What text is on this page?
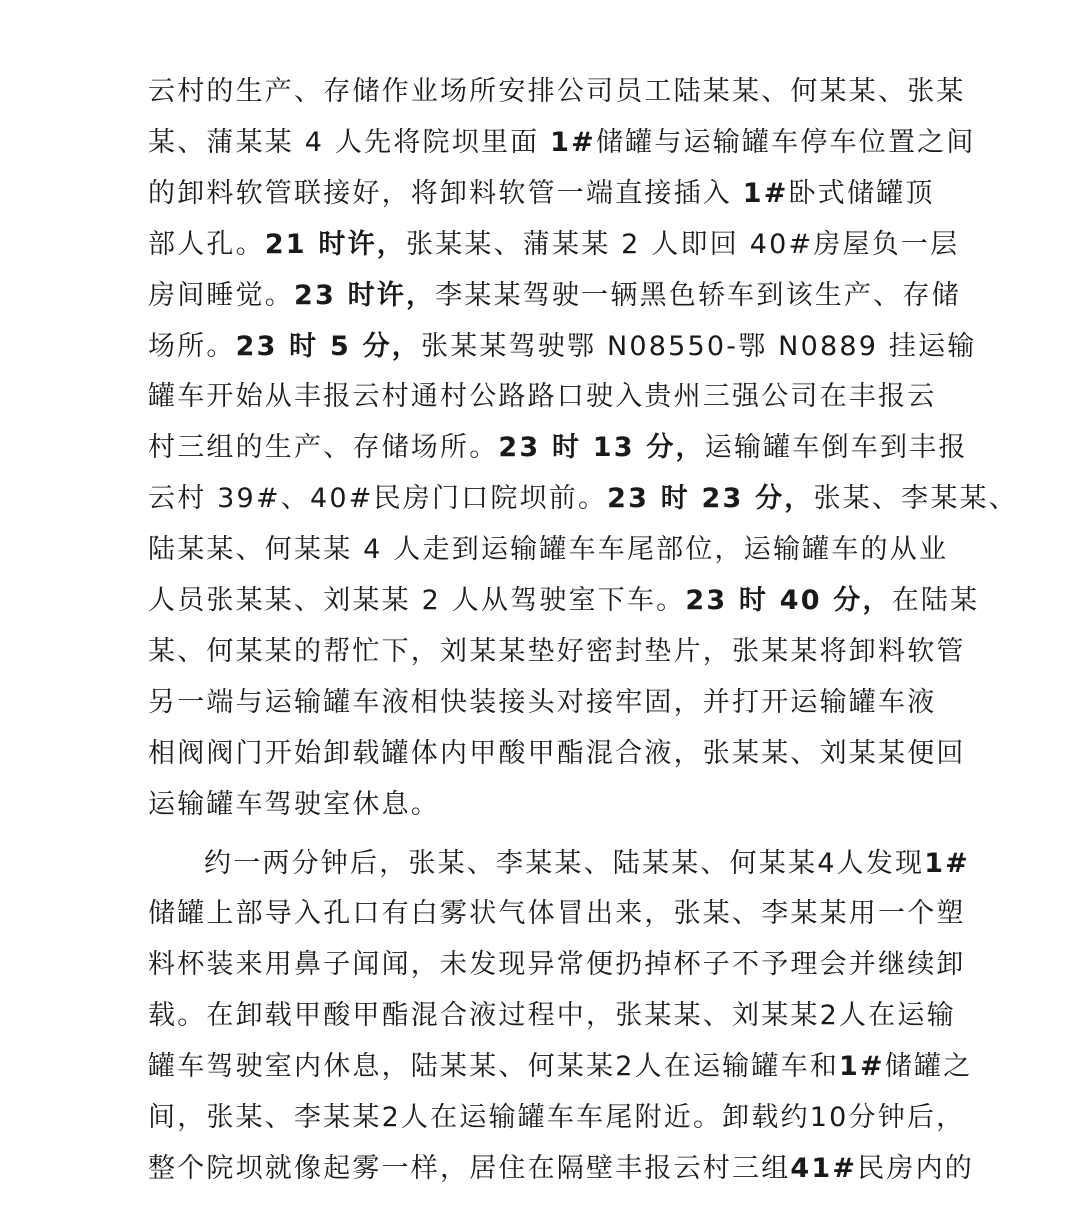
云村的生产、存储作业场所安排公司员工陆某某、何某某、张某
某、蒲某某 4 人先将院坝里面 1#储罐与运输罐车停车位置之间
的卸料软管联接好，将卸料软管一端直接插入 1#卧式储罐顶
部人孔。21 时许，张某某、蒲某某 2 人即回 40#房屋负一层
房间睡觉。23 时许，李某某驾驶一辆黑色轿车到该生产、存储
场所。23 时 5 分，张某某驾驶鄂 N08550-鄂 N0889 挂运输
罐车开始从丰报云村通村公路路口驶入贵州三强公司在丰报云
村三组的生产、存储场所。23 时 13 分，运输罐车倒车到丰报
云村 39#、40#民房门口院坝前。23 时 23 分，张某、李某某、
陆某某、何某某 4 人走到运输罐车车尾部位，运输罐车的从业
人员张某某、刘某某 2 人从驾驶室下车。23 时 40 分，在陆某
某、何某某的帮忙下，刘某某垫好密封垫片，张某某将卸料软管
另一端与运输罐车液相快装接头对接牢固，并打开运输罐车液
相阀阀门开始卸载罐体内甲酸甲酯混合液，张某某、刘某某便回
运输罐车驾驶室休息。
约一两分钟后，张某、李某某、陆某某、何某某4人发现1#
储罐上部导入孔口有白雾状气体冒出来，张某、李某某用一个塑
料杯装来用鼻子闻闻，未发现异常便扔掉杯子不予理会并继续卸
载。在卸载甲酸甲酯混合液过程中，张某某、刘某某2人在运输
罐车驾驶室内休息，陆某某、何某某2人在运输罐车和1#储罐之
间，张某、李某某2人在运输罐车车尾附近。卸载约10分钟后，
整个院坝就像起雾一样，居住在隔壁丰报云村三组41#民房内的
